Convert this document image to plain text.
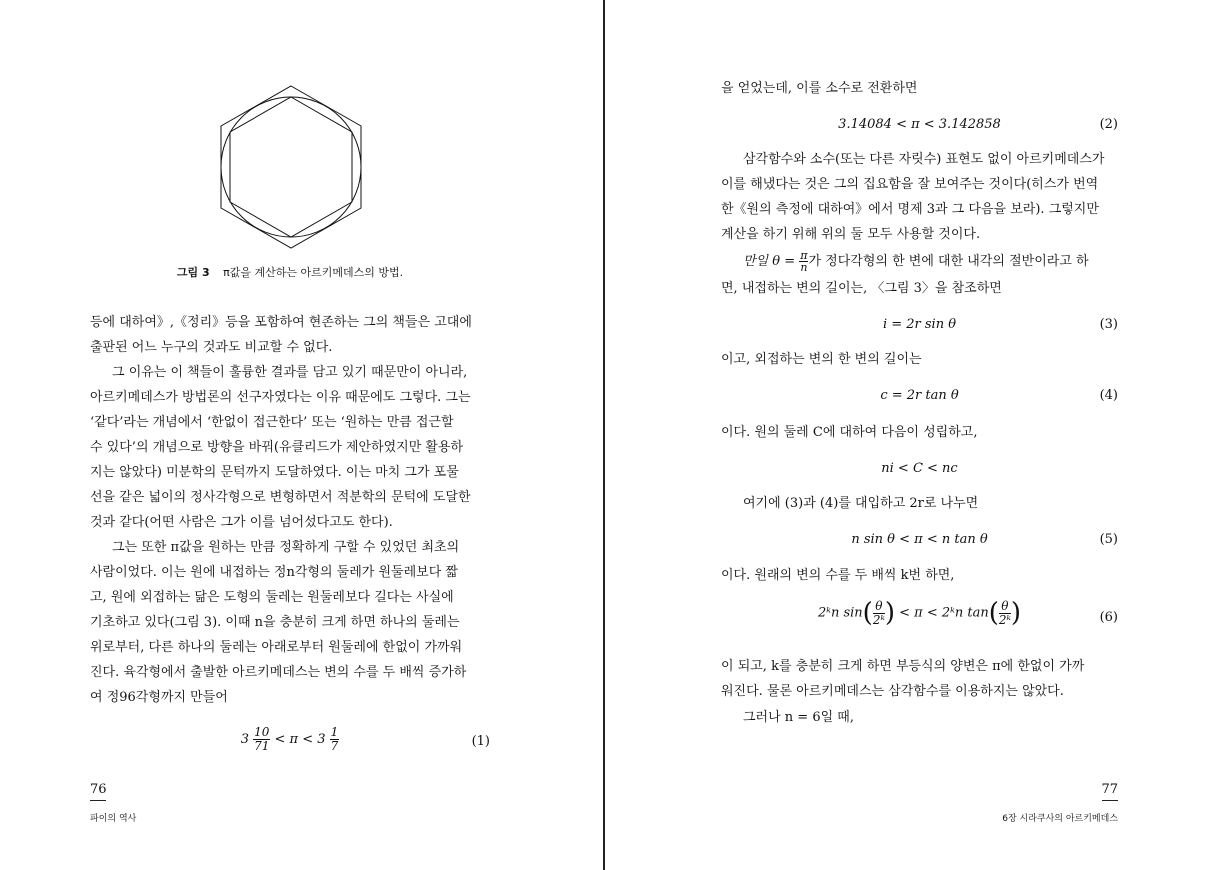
그림 3 π값을 계산하는 아르키메데스의 방법.
등에 대하여》,《정리》등을 포함하여 현존하는 그의 책들은 고대에
출판된 어느 누구의 것과도 비교할 수 없다.
그 이유는 이 책들이 훌륭한 결과를 담고 있기 때문만이 아니라,
아르키메데스가 방법론의 선구자였다는 이유 때문에도 그렇다. 그는
‘같다’라는 개념에서 ‘한없이 접근한다’ 또는 ‘원하는 만큼 접근할
수 있다’의 개념으로 방향을 바꿔(유클리드가 제안하였지만 활용하
지는 않았다) 미분학의 문턱까지 도달하였다. 이는 마치 그가 포물
선을 같은 넓이의 정사각형으로 변형하면서 적분학의 문턱에 도달한
것과 같다(어떤 사람은 그가 이를 넘어섰다고도 한다).
그는 또한 π값을 원하는 만큼 정확하게 구할 수 있었던 최초의
사람이었다. 이는 원에 내접하는 정n각형의 둘레가 원둘레보다 짧
고, 원에 외접하는 닮은 도형의 둘레는 원둘레보다 길다는 사실에
기초하고 있다(그림 3). 이때 n을 충분히 크게 하면 하나의 둘레는
위로부터, 다른 하나의 둘레는 아래로부터 원둘레에 한없이 가까워
진다. 육각형에서 출발한 아르키메데스는 변의 수를 두 배씩 증가하
여 정96각형까지 만들어
$3 \frac{10}{71} < \pi < 3 \frac{1}{7}$	(1)
76
파이의 역사
을 얻었는데, 이를 소수로 전환하면
3.14084 < π < 3.142858	(2)
삼각함수와 소수(또는 다른 자릿수) 표현도 없이 아르키메데스가
이를 해냈다는 것은 그의 집요함을 잘 보여주는 것이다(히스가 번역
한《원의 측정에 대하여》에서 명제 3과 그 다음을 보라). 그렇지만
계산을 하기 위해 위의 둘 모두 사용할 것이다.
만일 $\theta = \frac{\pi}{n}$ 가 정다각형의 한 변에 대한 내각의 절반이라고 하
면, 내접하는 변의 길이는, 〈그림 3〉을 참조하면
i = 2r sin θ	(3)
이고, 외접하는 변의 한 변의 길이는
c = 2r tan θ	(4)
이다. 원의 둘레 C에 대하여 다음이 성립하고,
ni < C < nc
여기에 (3)과 (4)를 대입하고 2r로 나누면
n sin θ < π < n tan θ	(5)
이다. 원래의 변의 수를 두 배씩 k번 하면,
2ᵏn $\sin( \frac{\theta}{\text{2ᵏ}}$ ) < π < 2ᵏn $\tan( \frac{\theta}{\text{2ᵏ}}$ )	(6)
이 되고, k를 충분히 크게 하면 부등식의 양변은 π에 한없이 가까
워진다. 물론 아르키메데스는 삼각함수를 이용하지는 않았다.
그러나 n = 6일 때,
77
6장 시라쿠사의 아르키메데스
